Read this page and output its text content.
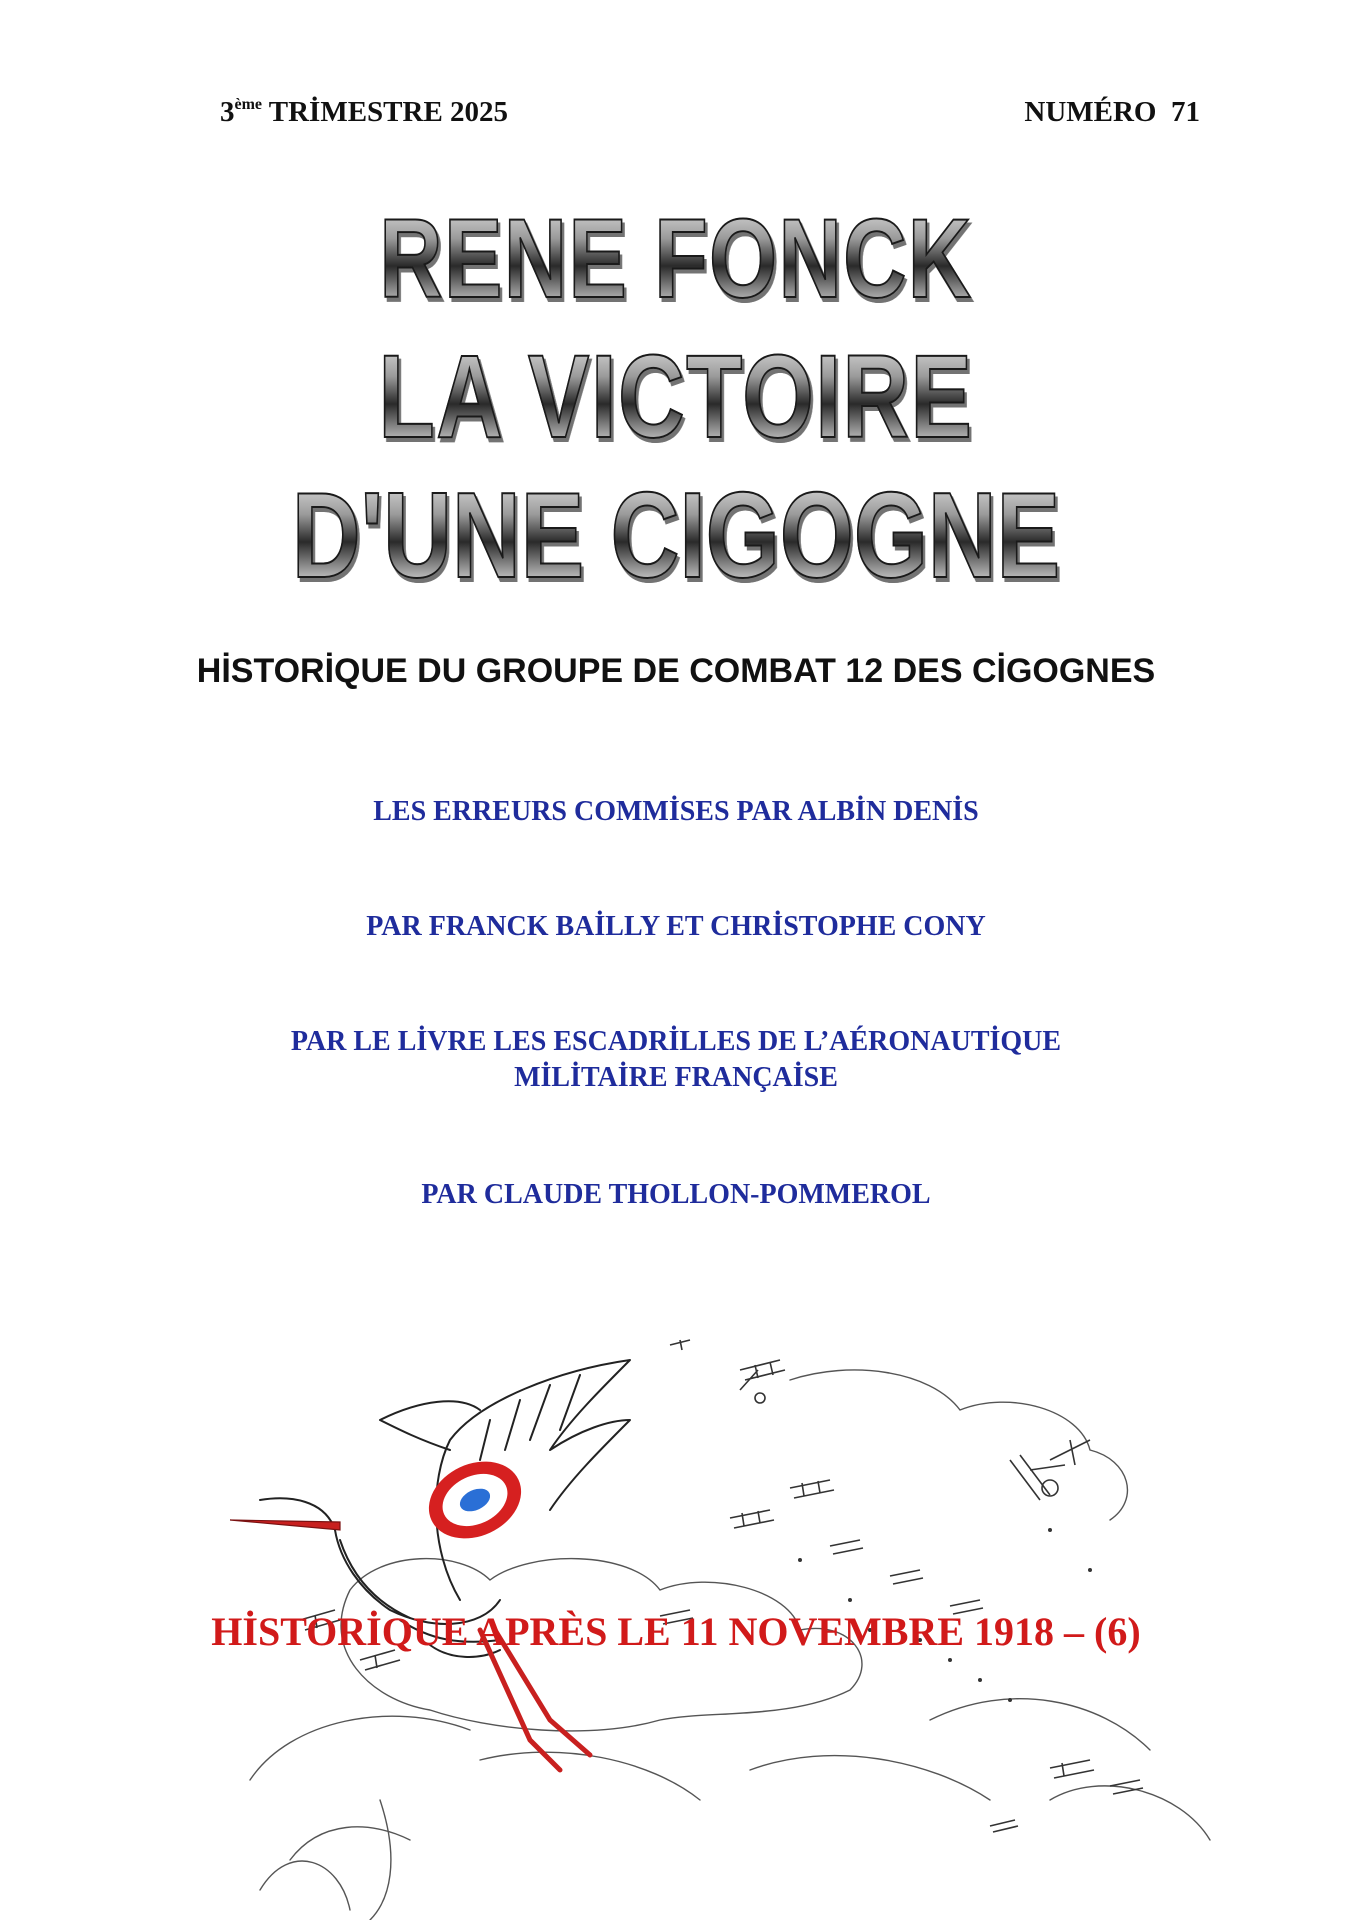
3ème TRİMESTRE 2025	NUMÉRO  71
RENE FONCK
LA VICTOIRE
D'UNE CIGOGNE
HİSTORİQUE DU GROUPE DE COMBAT 12 DES CİGOGNES
LES ERREURS COMMİSES PAR ALBİN DENİS
PAR FRANCK BAİLLY ET CHRİSTOPHE CONY
PAR LE LİVRE LES ESCADRİLLES DE L’AÉRONAUTİQUE
MİLİTAİRE FRANÇAİSE
PAR CLAUDE THOLLON-POMMEROL
HİSTORİQUE APRÈS LE 11 NOVEMBRE 1918 – (6)
